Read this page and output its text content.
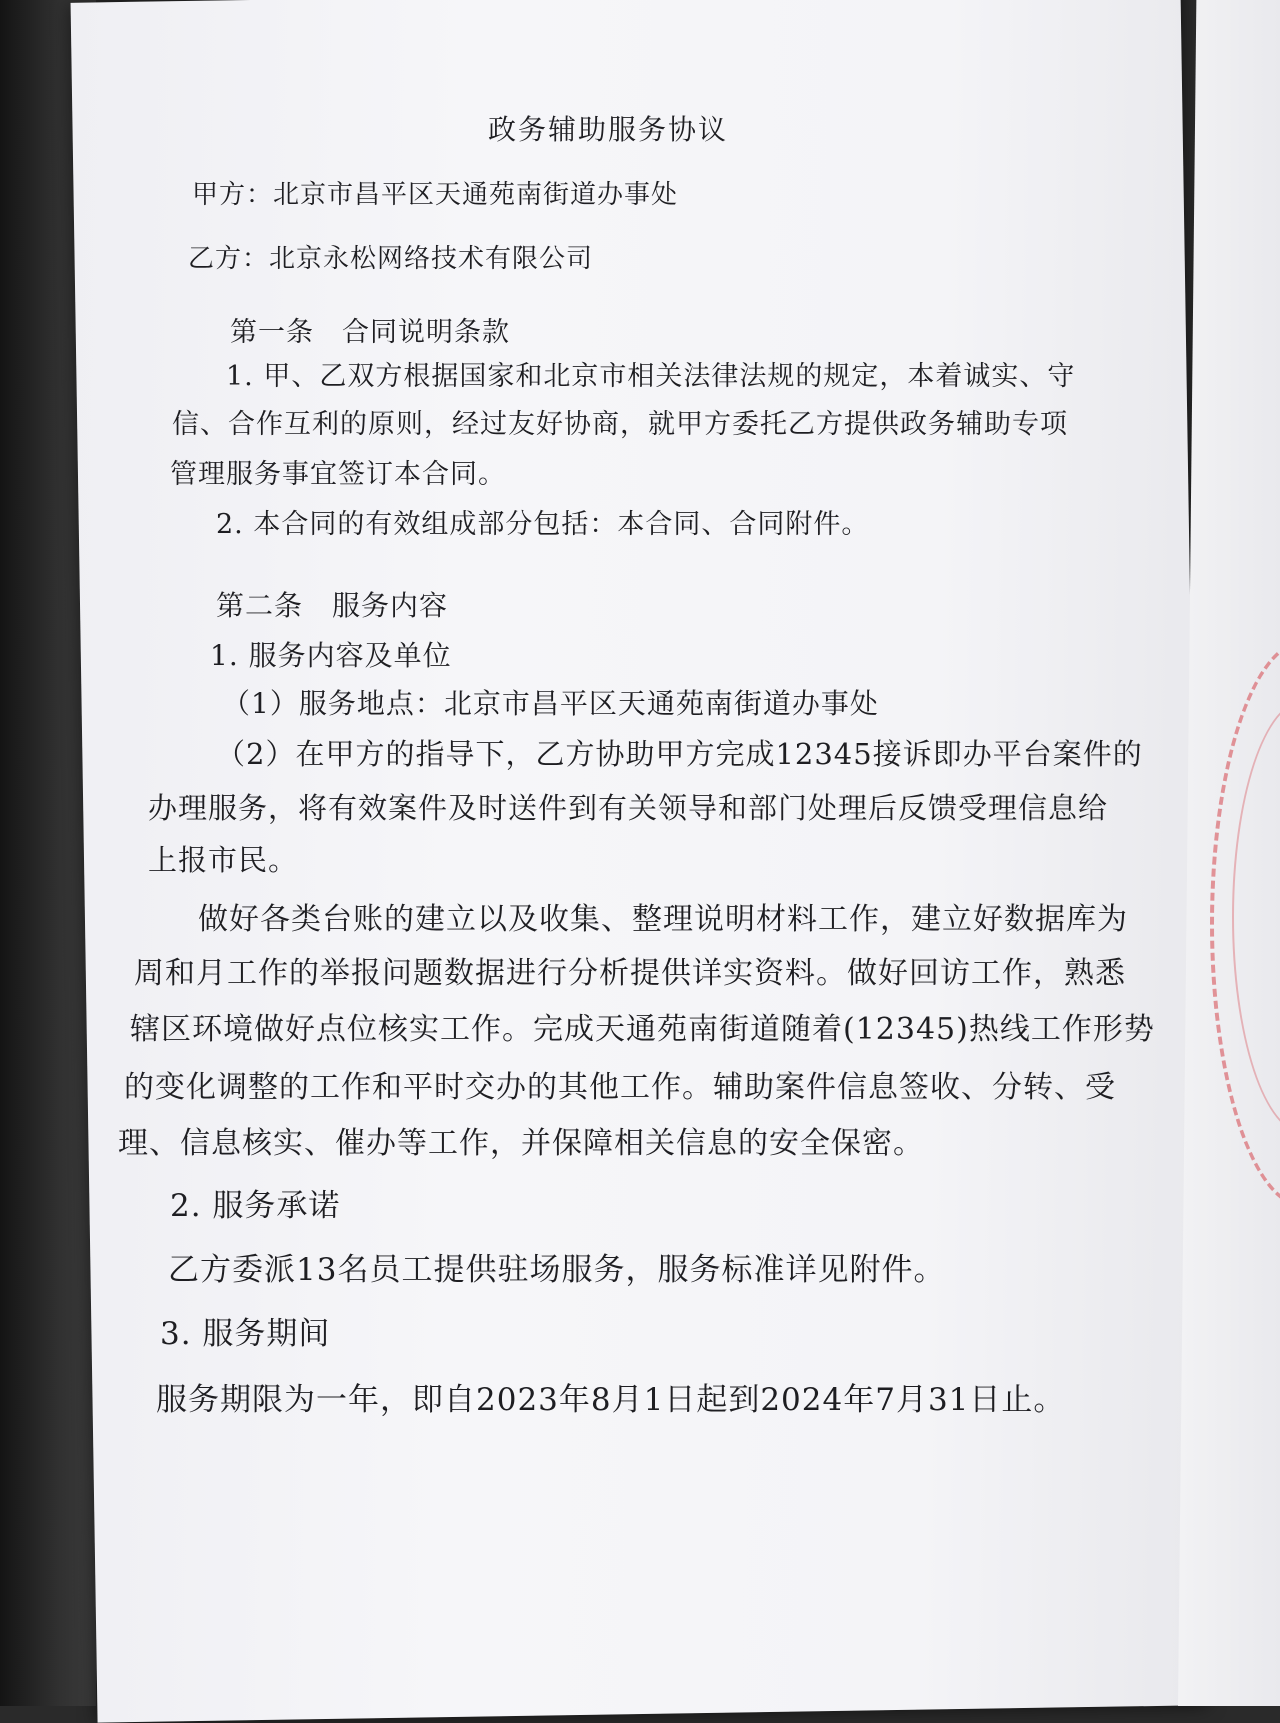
政务辅助服务协议

甲方：北京市昌平区天通苑南街道办事处

乙方：北京永松网络技术有限公司

第一条　合同说明条款

1. 甲、乙双方根据国家和北京市相关法律法规的规定，本着诚实、守

信、合作互利的原则，经过友好协商，就甲方委托乙方提供政务辅助专项

管理服务事宜签订本合同。

2. 本合同的有效组成部分包括：本合同、合同附件。

第二条　服务内容

1. 服务内容及单位

（1）服务地点：北京市昌平区天通苑南街道办事处

（2）在甲方的指导下，乙方协助甲方完成12345接诉即办平台案件的

办理服务，将有效案件及时送件到有关领导和部门处理后反馈受理信息给

上报市民。

做好各类台账的建立以及收集、整理说明材料工作，建立好数据库为

周和月工作的举报问题数据进行分析提供详实资料。做好回访工作，熟悉

辖区环境做好点位核实工作。完成天通苑南街道随着(12345)热线工作形势

的变化调整的工作和平时交办的其他工作。辅助案件信息签收、分转、受

理、信息核实、催办等工作，并保障相关信息的安全保密。

2. 服务承诺

乙方委派13名员工提供驻场服务，服务标准详见附件。

3. 服务期间

服务期限为一年，即自2023年8月1日起到2024年7月31日止。
